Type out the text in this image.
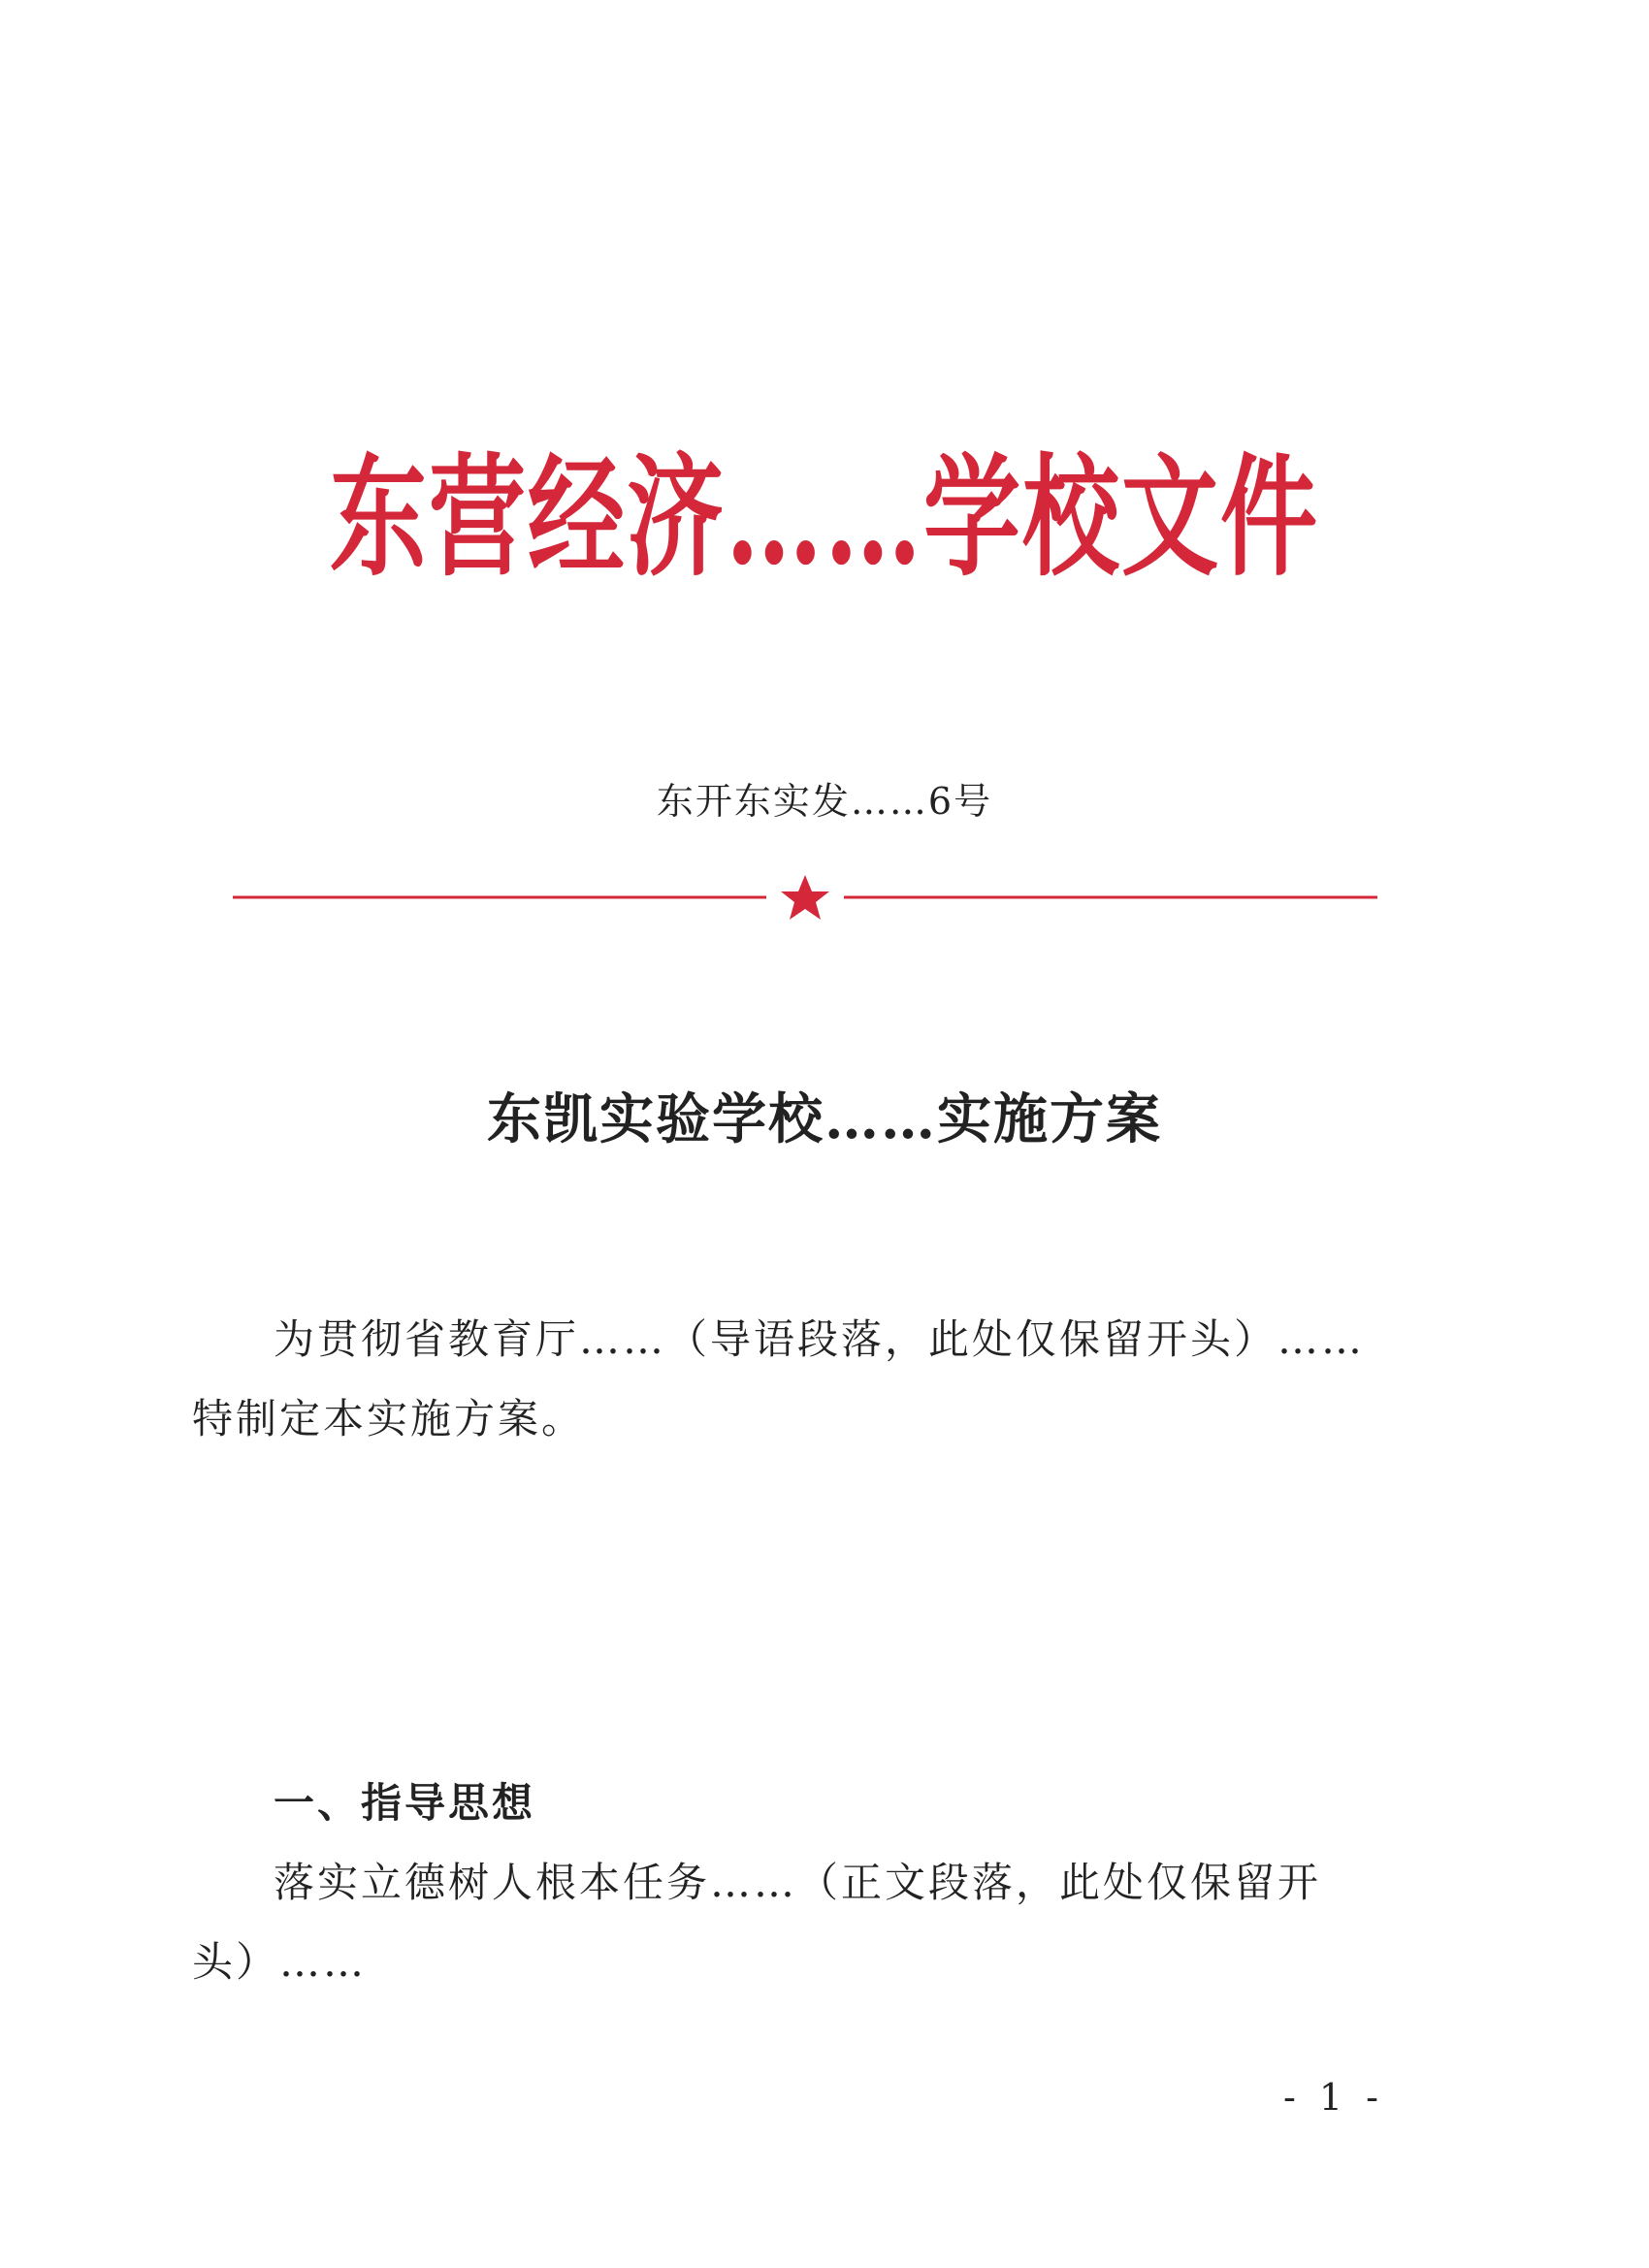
东营经济……学校文件
东开东实发……6号
东凯实验学校……实施方案

为贯彻省教育厅……（导语段落，此处仅保留开头）……特制定本实施方案。

一、指导思想

落实立德树人根本任务……（正文段落，此处仅保留开头）……

- 1 -
